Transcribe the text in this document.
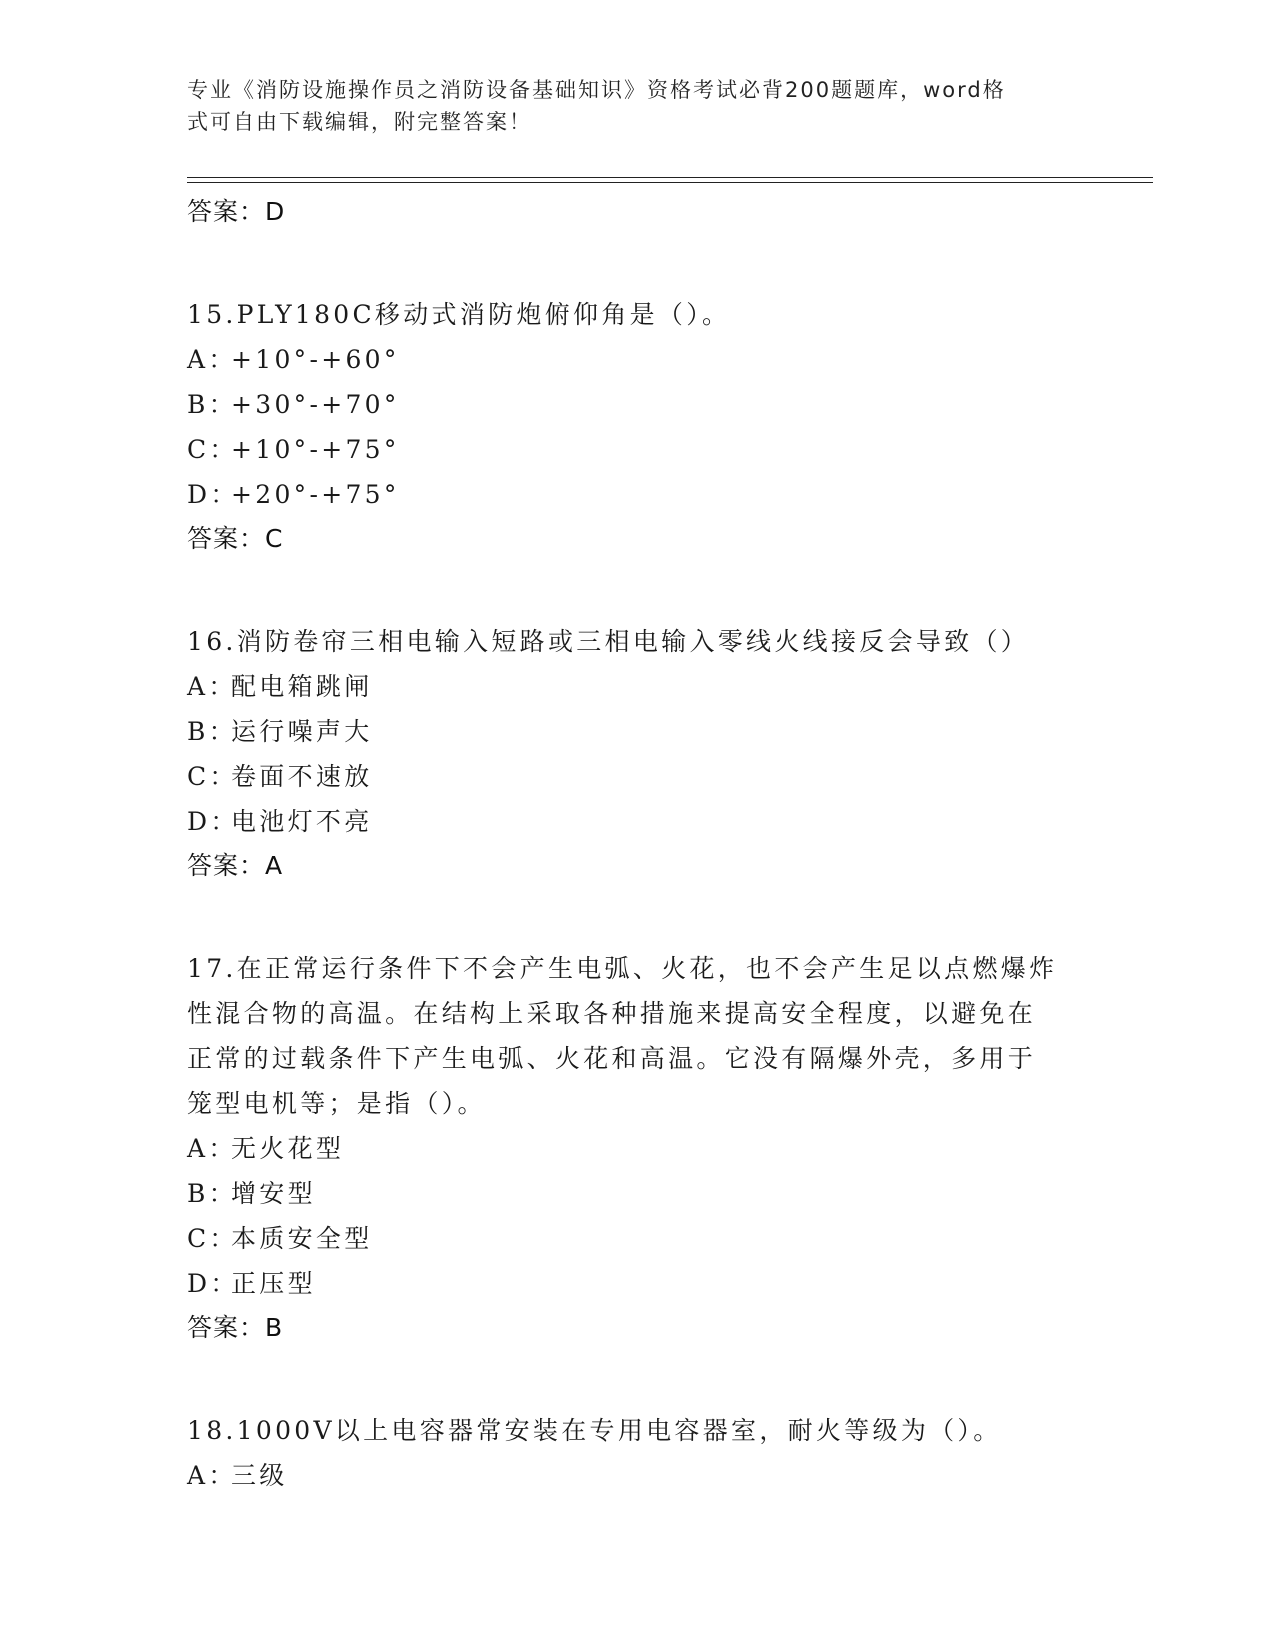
专业《消防设施操作员之消防设备基础知识》资格考试必背200题题库，word格
式可自由下载编辑，附完整答案！
答案：D
15.PLY180C移动式消防炮俯仰角是（）。
A：+10°-+60°
B：+30°-+70°
C：+10°-+75°
D：+20°-+75°
答案：C
16.消防卷帘三相电输入短路或三相电输入零线火线接反会导致（）
A：配电箱跳闸
B：运行噪声大
C：卷面不速放
D：电池灯不亮
答案：A
17.在正常运行条件下不会产生电弧、火花，也不会产生足以点燃爆炸
性混合物的高温。在结构上采取各种措施来提高安全程度，以避免在
正常的过载条件下产生电弧、火花和高温。它没有隔爆外壳，多用于
笼型电机等；是指（）。
A：无火花型
B：增安型
C：本质安全型
D：正压型
答案：B
18.1000V以上电容器常安装在专用电容器室，耐火等级为（）。
A：三级
